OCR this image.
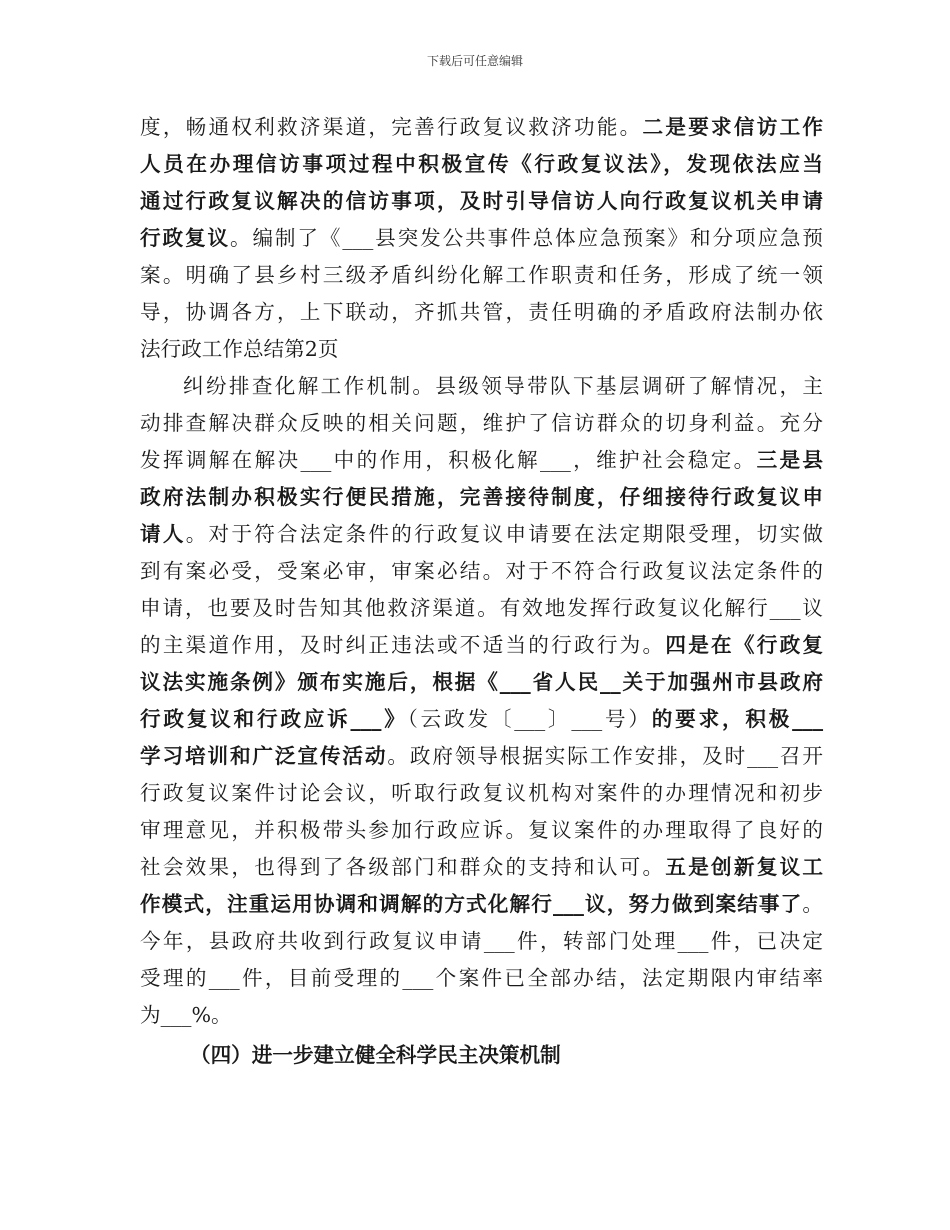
下载后可任意编辑
度，畅通权利救济渠道，完善行政复议救济功能。二是要求信访工作
人员在办理信访事项过程中积极宣传《行政复议法》，发现依法应当
通过行政复议解决的信访事项，及时引导信访人向行政复议机关申请
行政复议。编制了《___县突发公共事件总体应急预案》和分项应急预
案。明确了县乡村三级矛盾纠纷化解工作职责和任务，形成了统一领
导，协调各方，上下联动，齐抓共管，责任明确的矛盾政府法制办依
法行政工作总结第2页
纠纷排查化解工作机制。县级领导带队下基层调研了解情况，主
动排查解决群众反映的相关问题，维护了信访群众的切身利益。充分
发挥调解在解决___中的作用，积极化解___，维护社会稳定。三是县
政府法制办积极实行便民措施，完善接待制度，仔细接待行政复议申
请人。对于符合法定条件的行政复议申请要在法定期限受理，切实做
到有案必受，受案必审，审案必结。对于不符合行政复议法定条件的
申请，也要及时告知其他救济渠道。有效地发挥行政复议化解行___议
的主渠道作用，及时纠正违法或不适当的行政行为。四是在《行政复
议法实施条例》颁布实施后，根据《___省人民__关于加强州市县政府
行政复议和行政应诉___》（云政发〔___〕___号）的要求，积极___
学习培训和广泛宣传活动。政府领导根据实际工作安排，及时___召开
行政复议案件讨论会议，听取行政复议机构对案件的办理情况和初步
审理意见，并积极带头参加行政应诉。复议案件的办理取得了良好的
社会效果，也得到了各级部门和群众的支持和认可。五是创新复议工
作模式，注重运用协调和调解的方式化解行___议，努力做到案结事了。
今年，县政府共收到行政复议申请___件，转部门处理___件，已决定
受理的___件，目前受理的___个案件已全部办结，法定期限内审结率
为___%。
（四）进一步建立健全科学民主决策机制
